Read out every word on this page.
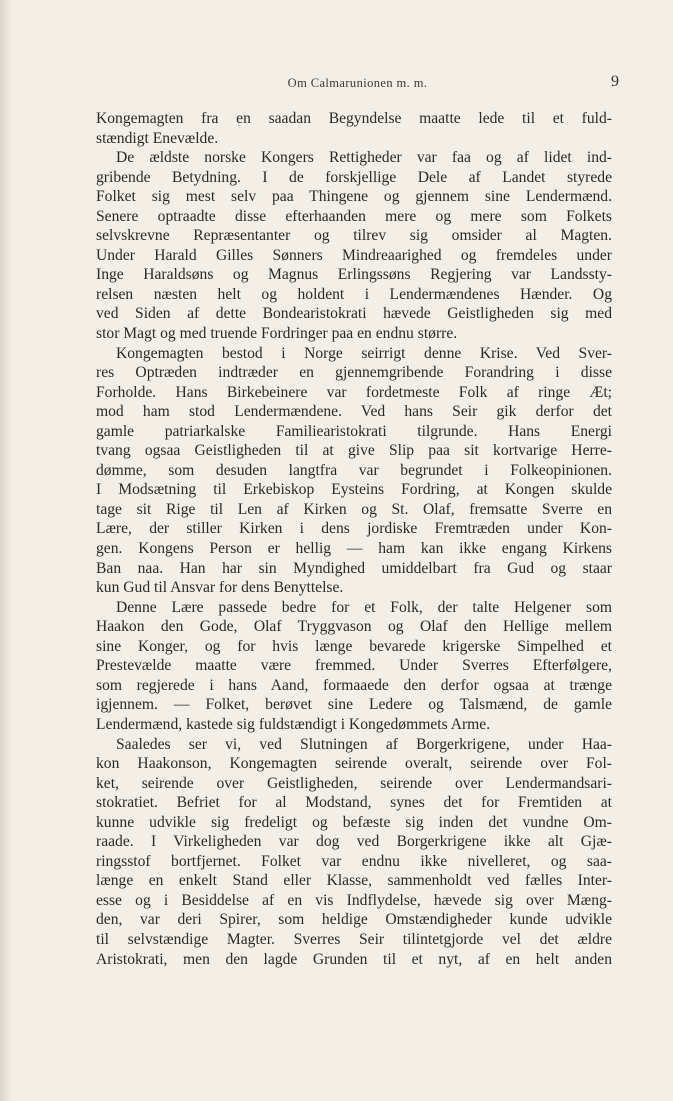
Om Calmarunionen m. m.	9
Kongemagten fra en saadan Begyndelse maatte lede til et fuld-
stændigt Enevælde.
De ældste norske Kongers Rettigheder var faa og af lidet ind-
gribende Betydning. I de forskjellige Dele af Landet styrede
Folket sig mest selv paa Thingene og gjennem sine Lendermænd.
Senere optraadte disse efterhaanden mere og mere som Folkets
selvskrevne Repræsentanter og tilrev sig omsider al Magten.
Under Harald Gilles Sønners Mindreaarighed og fremdeles under
Inge Haraldsøns og Magnus Erlingssøns Regjering var Landssty-
relsen næsten helt og holdent i Lendermændenes Hænder. Og
ved Siden af dette Bondearistokrati hævede Geistligheden sig med
stor Magt og med truende Fordringer paa en endnu større.
Kongemagten bestod i Norge seirrigt denne Krise. Ved Sver-
res Optræden indtræder en gjennemgribende Forandring i disse
Forholde. Hans Birkebeinere var fordetmeste Folk af ringe Æt;
mod ham stod Lendermændene. Ved hans Seir gik derfor det
gamle patriarkalske Familiearistokrati tilgrunde. Hans Energi
tvang ogsaa Geistligheden til at give Slip paa sit kortvarige Herre-
dømme, som desuden langtfra var begrundet i Folkeopinionen.
I Modsætning til Erkebiskop Eysteins Fordring, at Kongen skulde
tage sit Rige til Len af Kirken og St. Olaf, fremsatte Sverre en
Lære, der stiller Kirken i dens jordiske Fremtræden under Kon-
gen. Kongens Person er hellig — ham kan ikke engang Kirkens
Ban naa. Han har sin Myndighed umiddelbart fra Gud og staar
kun Gud til Ansvar for dens Benyttelse.
Denne Lære passede bedre for et Folk, der talte Helgener som
Haakon den Gode, Olaf Tryggvason og Olaf den Hellige mellem
sine Konger, og for hvis længe bevarede krigerske Simpelhed et
Prestevælde maatte være fremmed. Under Sverres Efterfølgere,
som regjerede i hans Aand, formaaede den derfor ogsaa at trænge
igjennem. — Folket, berøvet sine Ledere og Talsmænd, de gamle
Lendermænd, kastede sig fuldstændigt i Kongedømmets Arme.
Saaledes ser vi, ved Slutningen af Borgerkrigene, under Haa-
kon Haakonson, Kongemagten seirende overalt, seirende over Fol-
ket, seirende over Geistligheden, seirende over Lendermandsari-
stokratiet. Befriet for al Modstand, synes det for Fremtiden at
kunne udvikle sig fredeligt og befæste sig inden det vundne Om-
raade. I Virkeligheden var dog ved Borgerkrigene ikke alt Gjæ-
ringsstof bortfjernet. Folket var endnu ikke nivelleret, og saa-
længe en enkelt Stand eller Klasse, sammenholdt ved fælles Inter-
esse og i Besiddelse af en vis Indflydelse, hævede sig over Mæng-
den, var deri Spirer, som heldige Omstændigheder kunde udvikle
til selvstændige Magter. Sverres Seir tilintetgjorde vel det ældre
Aristokrati, men den lagde Grunden til et nyt, af en helt anden
